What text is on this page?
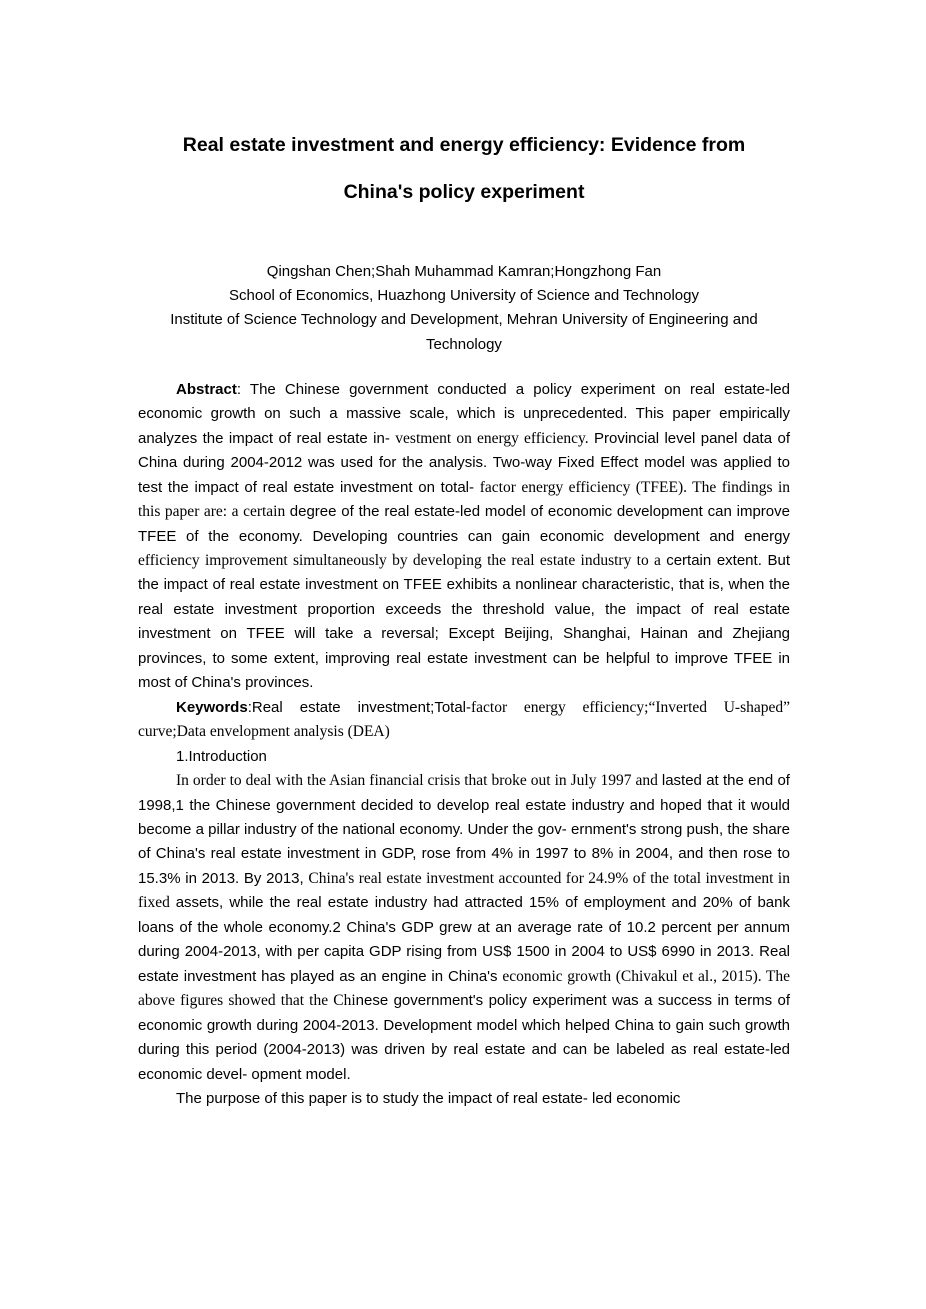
Real estate investment and energy efficiency: Evidence from
China's policy experiment
Qingshan Chen;Shah Muhammad Kamran;Hongzhong Fan
School of Economics, Huazhong University of Science and Technology
Institute of Science Technology and Development, Mehran University of Engineering and Technology

Abstract: The Chinese government conducted a policy experiment on real estate-led economic growth on such a massive scale, which is unprecedented. This paper empirically analyzes the impact of real estate in- vestment on energy efficiency. Provincial level panel data of China during 2004-2012 was used for the analysis. Two-way Fixed Effect model was applied to test the impact of real estate investment on total- factor energy efficiency (TFEE). The findings in this paper are: a certain degree of the real estate-led model of economic development can improve TFEE of the economy. Developing countries can gain economic development and energy efficiency improvement simultaneously by developing the real estate industry to a certain extent. But the impact of real estate investment on TFEE exhibits a nonlinear characteristic, that is, when the real estate investment proportion exceeds the threshold value, the impact of real estate investment on TFEE will take a reversal; Except Beijing, Shanghai, Hainan and Zhejiang provinces, to some extent, improving real estate investment can be helpful to improve TFEE in most of China's provinces.

Keywords:Real estate investment;Total-factor energy efficiency;“Inverted U-shaped” curve;Data envelopment analysis (DEA)

1.Introduction

In order to deal with the Asian financial crisis that broke out in July 1997 and lasted at the end of 1998,1 the Chinese government decided to develop real estate industry and hoped that it would become a pillar industry of the national economy. Under the gov- ernment's strong push, the share of China's real estate investment in GDP, rose from 4% in 1997 to 8% in 2004, and then rose to 15.3% in 2013. By 2013, China's real estate investment accounted for 24.9% of the total investment in fixed assets, while the real estate industry had attracted 15% of employment and 20% of bank loans of the whole economy.2 China's GDP grew at an average rate of 10.2 percent per annum during 2004-2013, with per capita GDP rising from US$ 1500 in 2004 to US$ 6990 in 2013. Real estate investment has played as an engine in China's economic growth (Chivakul et al., 2015). The above figures showed that the Chinese government's policy experiment was a success in terms of economic growth during 2004-2013. Development model which helped China to gain such growth during this period (2004-2013) was driven by real estate and can be labeled as real estate-led economic devel- opment model.

The purpose of this paper is to study the impact of real estate- led economic
